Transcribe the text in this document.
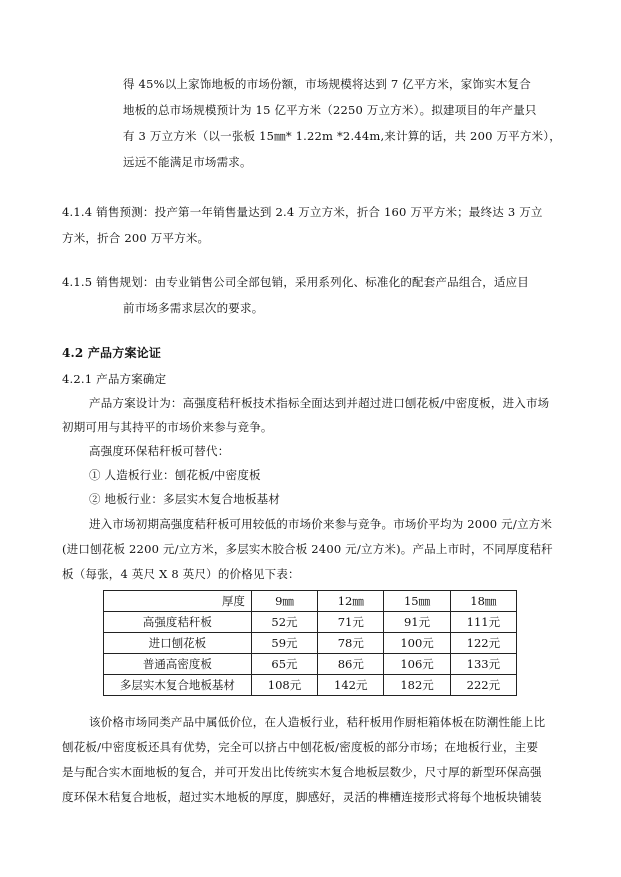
得 45%以上家饰地板的市场份额，市场规模将达到 7 亿平方米，家饰实木复合
地板的总市场规模预计为 15 亿平方米（2250 万立方米）。拟建项目的年产量只
有 3 万立方米（以一张板 15㎜* 1.22m *2.44m,来计算的话，共 200 万平方米），
远远不能满足市场需求。
4.1.4 销售预测：投产第一年销售量达到 2.4 万立方米，折合 160 万平方米；最终达 3 万立
方米，折合 200 万平方米。
4.1.5 销售规划：由专业销售公司全部包销，采用系列化、标准化的配套产品组合，适应目
前市场多需求层次的要求。
4.2 产品方案论证
4.2.1 产品方案确定
产品方案设计为：高强度秸秆板技术指标全面达到并超过进口刨花板/中密度板，进入市场
初期可用与其持平的市场价来参与竞争。
高强度环保秸秆板可替代：
① 人造板行业：刨花板/中密度板
② 地板行业：多层实木复合地板基材
进入市场初期高强度秸秆板可用较低的市场价来参与竞争。市场价平均为 2000 元/立方米
(进口刨花板 2200 元/立方米，多层实木胶合板 2400 元/立方米)。产品上市时，不同厚度秸秆
板（每张，4 英尺 X 8 英尺）的价格见下表：
厚度	9㎜	12㎜	15㎜	18㎜
高强度秸秆板	52元	71元	91元	111元
进口刨花板	59元	78元	100元	122元
普通高密度板	65元	86元	106元	133元
多层实木复合地板基材	108元	142元	182元	222元
该价格市场同类产品中属低价位，在人造板行业，秸秆板用作厨柜箱体板在防潮性能上比
刨花板/中密度板还具有优势，完全可以挤占中刨花板/密度板的部分市场；在地板行业，主要
是与配合实木面地板的复合，并可开发出比传统实木复合地板层数少，尺寸厚的新型环保高强
度环保木秸复合地板，超过实木地板的厚度，脚感好，灵活的榫槽连接形式将每个地板块铺装
